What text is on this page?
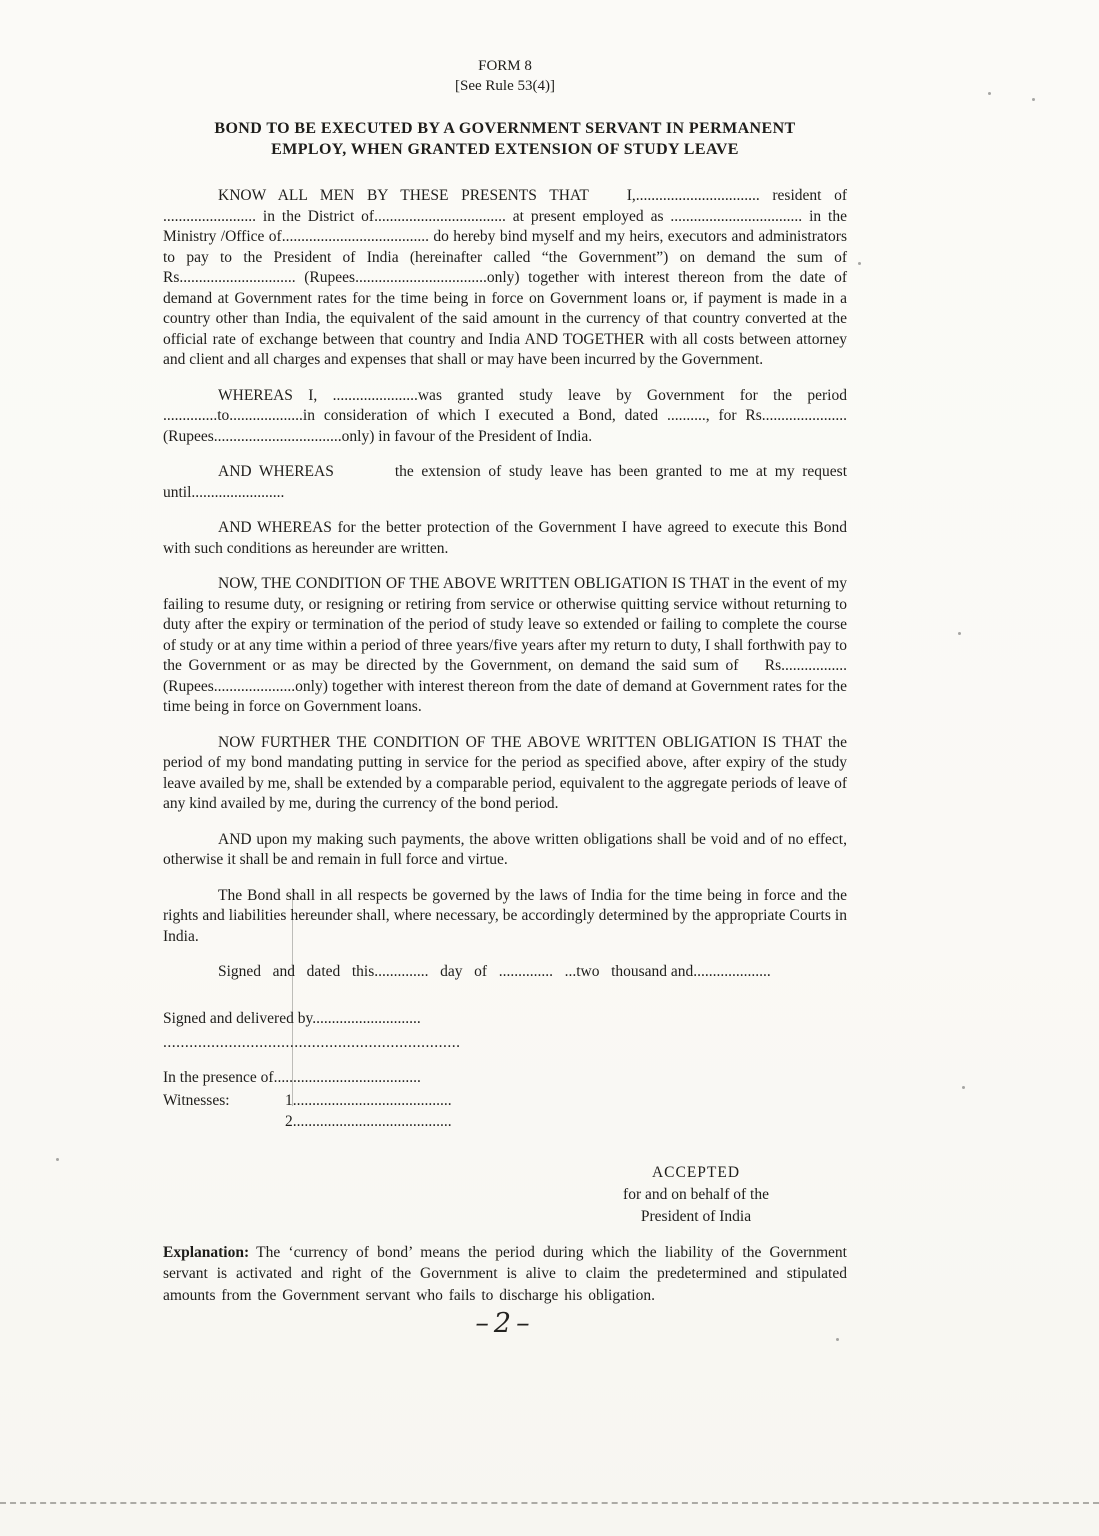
FORM 8
[See Rule 53(4)]
BOND TO BE EXECUTED BY A GOVERNMENT SERVANT IN PERMANENT
EMPLOY, WHEN GRANTED EXTENSION OF STUDY LEAVE

KNOW ALL MEN BY THESE PRESENTS THAT   I,................................ resident of ........................ in the District of.................................. at present employed as .................................. in the Ministry /Office of...................................... do hereby bind myself and my heirs, executors and administrators to pay to the President of India (hereinafter called “the Government”) on demand the sum of Rs.............................. (Rupees..................................only) together with interest thereon from the date of demand at Government rates for the time being in force on Government loans or, if payment is made in a country other than India, the equivalent of the said amount in the currency of that country converted at the official rate of exchange between that country and India AND TOGETHER with all costs between attorney and client and all charges and expenses that shall or may have been incurred by the Government.

WHEREAS I, ......................was granted study leave by Government for the period ..............to...................in consideration of which I executed a Bond, dated .........., for Rs......................(Rupees.................................only) in favour of the President of India.

AND WHEREAS        the extension of study leave has been granted to me at my request until........................

AND WHEREAS for the better protection of the Government I have agreed to execute this Bond with such conditions as hereunder are written.

NOW, THE CONDITION OF THE ABOVE WRITTEN OBLIGATION IS THAT in the event of my failing to resume duty, or resigning or retiring from service or otherwise quitting service without returning to duty after the expiry or termination of the period of study leave so extended or failing to complete the course of study or at any time within a period of three years/five years after my return to duty, I shall forthwith pay to the Government or as may be directed by the Government, on demand the said sum of    Rs................. (Rupees.....................only) together with interest thereon from the date of demand at Government rates for the time being in force on Government loans.

NOW FURTHER THE CONDITION OF THE ABOVE WRITTEN OBLIGATION IS THAT the period of my bond mandating putting in service for the period as specified above, after expiry of the study leave availed by me, shall be extended by a comparable period, equivalent to the aggregate periods of leave of any kind availed by me, during the currency of the bond period.

AND upon my making such payments, the above written obligations shall be void and of no effect, otherwise it shall be and remain in full force and virtue.

The Bond shall in all respects be governed by the laws of India for the time being in force and the rights and liabilities hereunder shall, where necessary, be accordingly determined by the appropriate Courts in India.

Signed   and   dated   this..............   day   of   ..............   ...two   thousand and....................

Signed and delivered by............................
....................................................................
In the presence of......................................
Witnesses:	1.........................................
2.........................................
ACCEPTED
for and on behalf of the
President of India

Explanation: The ‘currency of bond’ means the period during which the liability of the Government servant is activated and right of the Government is alive to claim the predetermined and stipulated amounts from the Government servant who fails to discharge his obligation.

–2–
